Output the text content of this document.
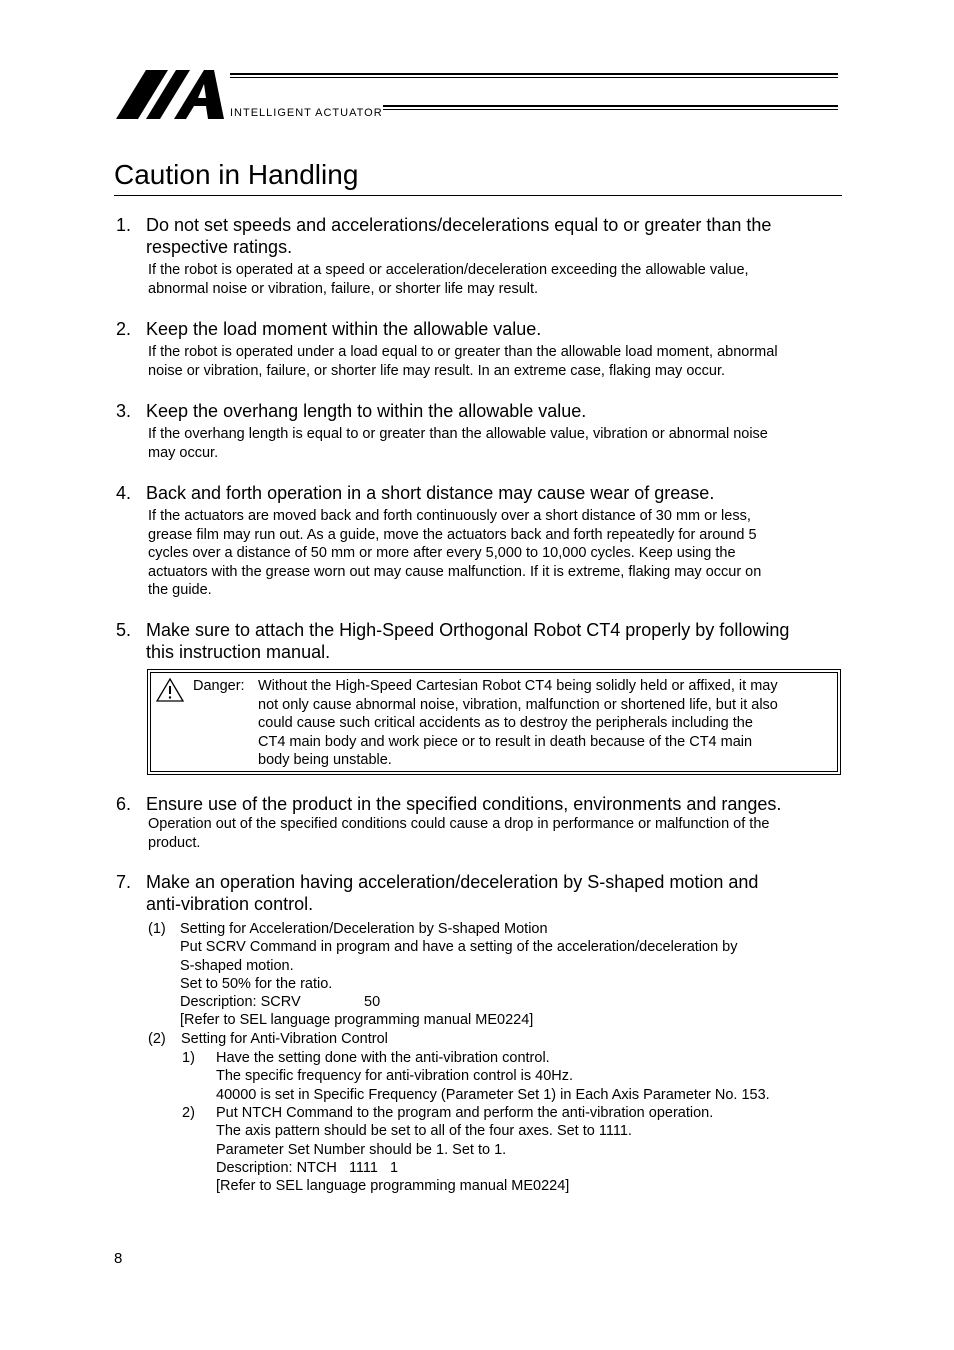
INTELLIGENT ACTUATOR
Caution in Handling
1. Do not set speeds and accelerations/decelerations equal to or greater than the
respective ratings.
If the robot is operated at a speed or acceleration/deceleration exceeding the allowable value,
abnormal noise or vibration, failure, or shorter life may result.
2. Keep the load moment within the allowable value.
If the robot is operated under a load equal to or greater than the allowable load moment, abnormal
noise or vibration, failure, or shorter life may result. In an extreme case, flaking may occur.
3. Keep the overhang length to within the allowable value.
If the overhang length is equal to or greater than the allowable value, vibration or abnormal noise
may occur.
4. Back and forth operation in a short distance may cause wear of grease.
If the actuators are moved back and forth continuously over a short distance of 30 mm or less,
grease film may run out. As a guide, move the actuators back and forth repeatedly for around 5
cycles over a distance of 50 mm or more after every 5,000 to 10,000 cycles. Keep using the
actuators with the grease worn out may cause malfunction. If it is extreme, flaking may occur on
the guide.
5. Make sure to attach the High-Speed Orthogonal Robot CT4 properly by following
this instruction manual.
Danger: Without the High-Speed Cartesian Robot CT4 being solidly held or affixed, it may
not only cause abnormal noise, vibration, malfunction or shortened life, but it also
could cause such critical accidents as to destroy the peripherals including the
CT4 main body and work piece or to result in death because of the CT4 main
body being unstable.
6. Ensure use of the product in the specified conditions, environments and ranges.
Operation out of the specified conditions could cause a drop in performance or malfunction of the
product.
7. Make an operation having acceleration/deceleration by S-shaped motion and
anti-vibration control.
(1) Setting for Acceleration/Deceleration by S-shaped Motion
Put SCRV Command in program and have a setting of the acceleration/deceleration by
S-shaped motion.
Set to 50% for the ratio.
Description: SCRV	50
[Refer to SEL language programming manual ME0224]
(2) Setting for Anti-Vibration Control
1) Have the setting done with the anti-vibration control.
The specific frequency for anti-vibration control is 40Hz.
40000 is set in Specific Frequency (Parameter Set 1) in Each Axis Parameter No. 153.
2) Put NTCH Command to the program and perform the anti-vibration operation.
The axis pattern should be set to all of the four axes. Set to 1111.
Parameter Set Number should be 1. Set to 1.
Description: NTCH   1111   1
[Refer to SEL language programming manual ME0224]
8
